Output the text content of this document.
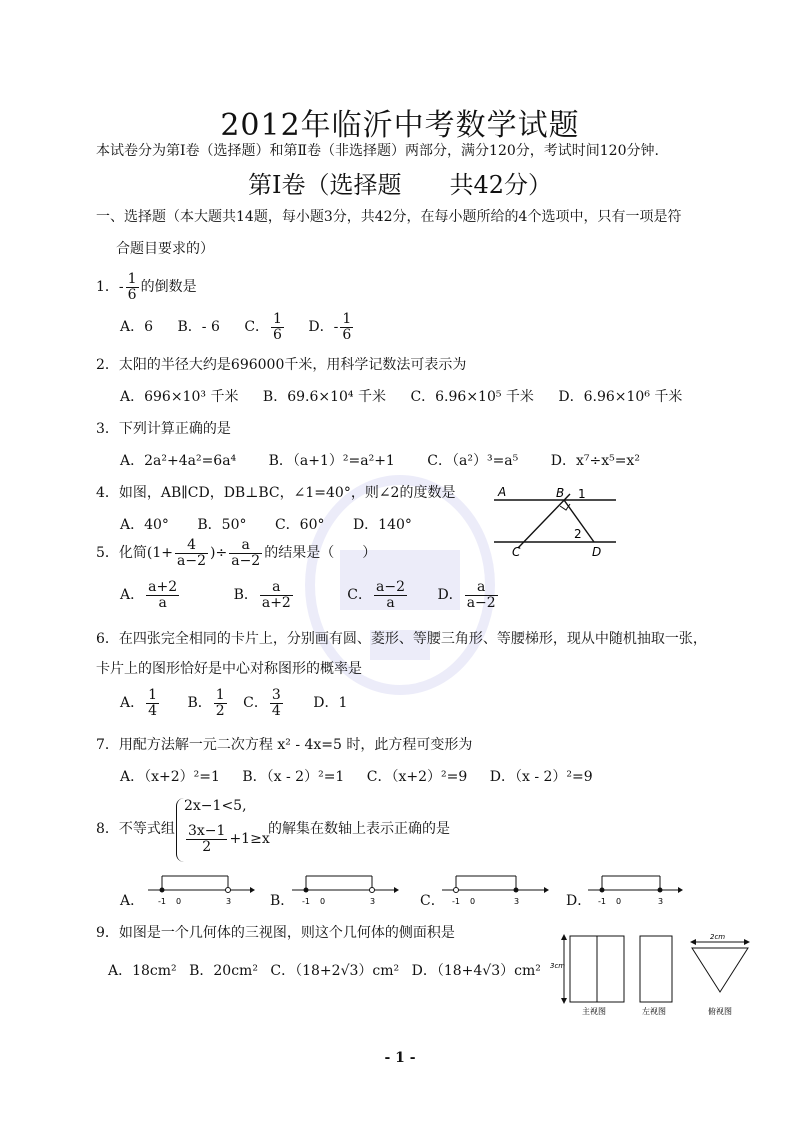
2012年临沂中考数学试题
本试卷分为第Ⅰ卷（选择题）和第Ⅱ卷（非选择题）两部分，满分120分，考试时间120分钟.
第Ⅰ卷（选择题　　共42分）
一、选择题（本大题共14题，每小题3分，共42分，在每小题所给的4个选项中，只有一项是符
合题目要求的）
1．- $\frac{1}{6}$ 的倒数是
A．6 B．- 6 C． $\frac{1}{6}$ D．- $\frac{1}{6}$
2．太阳的半径大约是696000千米，用科学记数法可表示为
A．696×10³ 千米 B．69.6×10⁴ 千米 C．6.96×10⁵ 千米 D．6.96×10⁶ 千米
3．下列计算正确的是
A．2a²+4a²=6a⁴ B．（a+1）²=a²+1 C．（a²）³=a⁵ D．x⁷÷x⁵=x²
4．如图，AB∥CD，DB⊥BC，∠1=40°，则∠2的度数是
A．40° B．50° C．60° D．140°
A	B 1
2
C	D
5．化简($1+ \frac{4}{a-2}$ )÷ $\frac{a}{a-2}$ 的结果是（　　）
A． $\frac{a+2}{a}$	B． $\frac{a}{a+2}$	C． $\frac{a-2}{a}$ D． $\frac{a}{a-2}$
6．在四张完全相同的卡片上，分别画有圆、菱形、等腰三角形、等腰梯形，现从中随机抽取一张，
卡片上的图形恰好是中心对称图形的概率是
A． $\frac{1}{4}$ B． $\frac{1}{2}$ C． $\frac{3}{4}$ D．1
7．用配方法解一元二次方程 x² - 4x=5 时，此方程可变形为
A．（x+2）²=1 B．（x - 2）²=1 C．（x+2）²=9 D．（x - 2）²=9
8．不等式组
2x−1<5,
$\frac{3x-1}{2} +1\ge x$
的解集在数轴上表示正确的是
A．	B．	C．	D．
-1 0	3	-1 0	3	-1 0	3	-1 0	3
9．如图是一个几何体的三视图，则这个几何体的侧面积是
A．18cm² B．20cm² C．（18+2√3）cm² D．（18+4√3）cm² 3cm
主视图	左视图
2cm
俯视图
- 1 -
